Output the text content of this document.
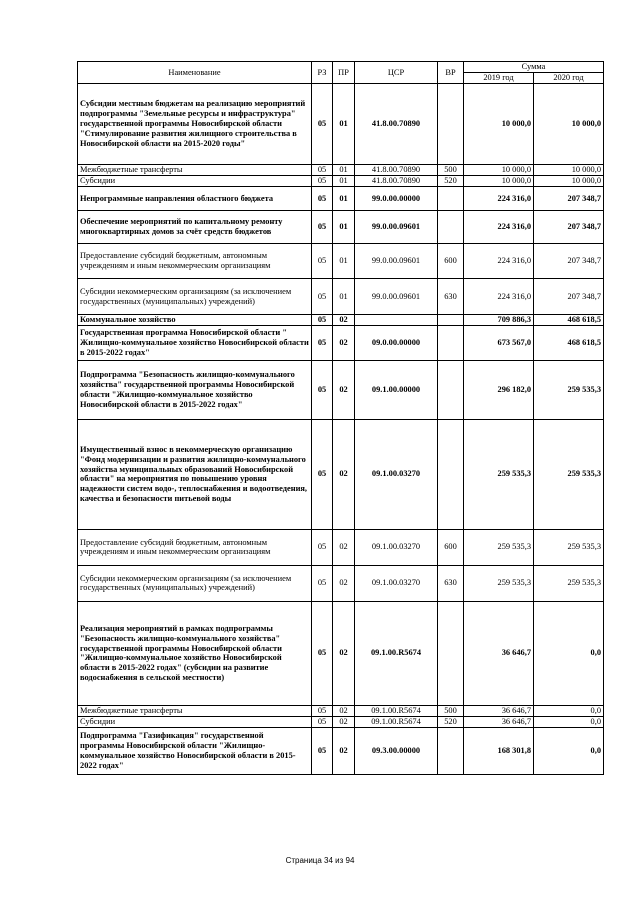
Наименование	РЗ	ПР	ЦСР	ВР	Сумма	
					2019 год	2020 год
Субсидии местным бюджетам на реализацию мероприятий подпрограммы "Земельные ресурсы и инфраструктура" государственной программы Новосибирской области "Стимулирование развития жилищного строительства в Новосибирской области на 2015-2020 годы"	05	01	41.8.00.70890		10 000,0	10 000,0
Межбюджетные трансферты	05	01	41.8.00.70890	500	10 000,0	10 000,0
Субсидии	05	01	41.8.00.70890	520	10 000,0	10 000,0
Непрограммные направления областного бюджета	05	01	99.0.00.00000		224 316,0	207 348,7
Обеспечение мероприятий по капитальному ремонту многоквартирных домов за счёт средств бюджетов	05	01	99.0.00.09601		224 316,0	207 348,7
Предоставление субсидий бюджетным, автономным учреждениям и иным некоммерческим организациям	05	01	99.0.00.09601	600	224 316,0	207 348,7
Субсидии некоммерческим организациям (за исключением государственных (муниципальных) учреждений)	05	01	99.0.00.09601	630	224 316,0	207 348,7
Коммунальное хозяйство	05	02			709 886,3	468 618,5
Государственная программа Новосибирской области " Жилищно-коммунальное хозяйство Новосибирской области в 2015-2022 годах"	05	02	09.0.00.00000		673 567,0	468 618,5
Подпрограмма "Безопасность жилищно-коммунального хозяйства" государственной программы Новосибирской области "Жилищно-коммунальное хозяйство Новосибирской области в 2015-2022 годах"	05	02	09.1.00.00000		296 182,0	259 535,3
Имущественный взнос в некоммерческую организацию "Фонд модернизации и развития жилищно-коммунального хозяйства муниципальных образований Новосибирской области" на мероприятия по повышению уровня надежности систем водо-, теплоснабжения и водоотведения, качества и безопасности питьевой воды	05	02	09.1.00.03270		259 535,3	259 535,3
Предоставление субсидий бюджетным, автономным учреждениям и иным некоммерческим организациям	05	02	09.1.00.03270	600	259 535,3	259 535,3
Субсидии некоммерческим организациям (за исключением государственных (муниципальных) учреждений)	05	02	09.1.00.03270	630	259 535,3	259 535,3
Реализация мероприятий в рамках подпрограммы "Безопасность жилищно-коммунального хозяйства" государственной программы Новосибирской области "Жилищно-коммунальное хозяйство Новосибирской области в 2015-2022 годах" (субсидии на развитие водоснабжения в сельской местности)	05	02	09.1.00.R5674		36 646,7	0,0
Межбюджетные трансферты	05	02	09.1.00.R5674	500	36 646,7	0,0
Субсидии	05	02	09.1.00.R5674	520	36 646,7	0,0
Подпрограмма "Газификация" государственной программы Новосибирской области "Жилищно-коммунальное хозяйство Новосибирской области в 2015-2022 годах"	05	02	09.3.00.00000		168 301,8	0,0
Страница 34 из 94
